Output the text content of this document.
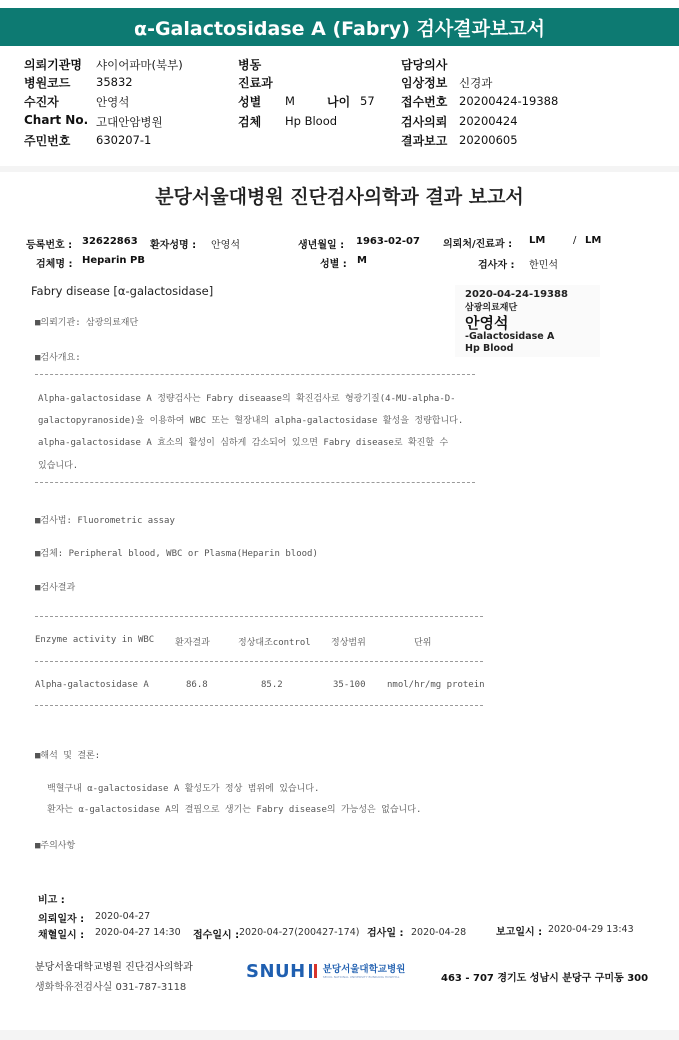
α-Galactosidase A (Fabry) 검사결과보고서
의뢰기관명 샤이어파마(북부)	병동	담당의사
병원코드 35832	진료과	임상정보 신경과
수진자	안영석	성별 M	나이 57 접수번호 20200424-19388
Chart No. 고대안암병원	검체 Hp Blood	검사의뢰 20200424
주민번호 630207-1	결과보고 20200605
분당서울대병원 진단검사의학과 결과 보고서
등록번호 : 32622863 환자성명 : 안영석	생년월일 : 1963-02-07 의뢰처/진료과 : LM	/ LM
검체명 : Heparin PB	성별 : M	검사자 : 한민석
Fabry disease [α-galactosidase]
■의뢰기관: 삼광의료재단
■검사개요:
Alpha-galactosidase A 정량검사는 Fabry diseaase의 확진검사로 형광기질(4-MU-alpha-D-
galactopyranoside)을 이용하여 WBC 또는 혈장내의 alpha-galactosidase 활성을 정량합니다.
alpha-galactosidase A 효소의 활성이 심하게 감소되어 있으면 Fabry disease로 확진할 수
있습니다.
■검사법: Fluorometric assay
■검체: Peripheral blood, WBC or Plasma(Heparin blood)
■검사결과
Enzyme activity in WBC 환자결과	정상대조control 정상범위	단위
Alpha-galactosidase A	86.8	85.2	35-100 nmol/hr/mg protein
■해석 및 결론:
백혈구내 α-galactosidase A 활성도가 정상 범위에 있습니다.
환자는 α-galactosidase A의 결핍으로 생기는 Fabry disease의 가능성은 없습니다.
■주의사항
비고 :
의뢰일자 : 2020-04-27
채혈일시 : 2020-04-27 14:30 접수일시 : 2020-04-27(200427-174) 검사일 : 2020-04-28	보고일시 : 2020-04-29 13:43
분당서울대학교병원 진단검사의학과
생화학유전검사실 031-787-3118
SNUH 분당서울대학교병원
SEOUL NATIONAL UNIVERSITY BUNDANG HOSPITAL	463 - 707 경기도 성남시 분당구 구미동 300
2020-04-24-19388
삼광의료재단
안영석
-Galactosidase A
Hp Blood
